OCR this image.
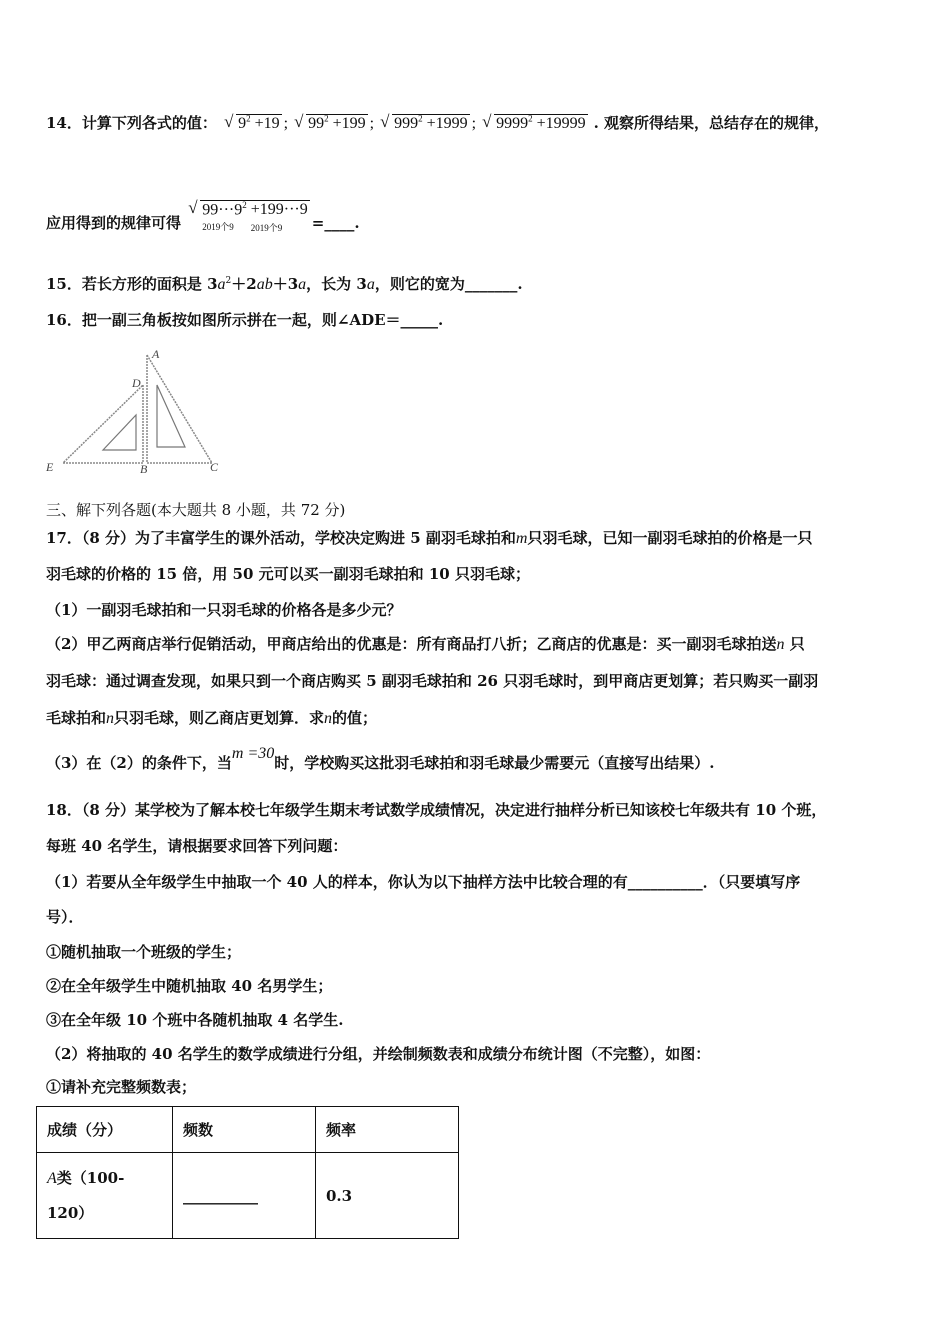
14．计算下列各式的值： √ $9^2 +19$ ; √ $99^2 +199$ ; √ $999^2 +1999$ ; √ $9999^2 +19999$ . 观察所得结果，总结存在的规律，
应用得到的规律可得 √ $99\cdot\cdot\cdot 9^2$
2019个9
+199···9
2019个9 =____.
15．若长方形的面积是 $3a^2+2ab+3a$，长为 3a，则它的宽为_______.
16．把一副三角板按如图所示拼在一起，则∠ADE＝_____.
A
D
E	B	C
三、解下列各题(本大题共 8 小题，共 72 分)
17．（8 分）为了丰富学生的课外活动，学校决定购进 5 副羽毛球拍和m只羽毛球，已知一副羽毛球拍的价格是一只
羽毛球的价格的 15 倍，用 50 元可以买一副羽毛球拍和 10 只羽毛球；
（1）一副羽毛球拍和一只羽毛球的价格各是多少元？
（2）甲乙两商店举行促销活动，甲商店给出的优惠是：所有商品打八折；乙商店的优惠是：买一副羽毛球拍送n 只
羽毛球：通过调查发现，如果只到一个商店购买 5 副羽毛球拍和 26 只羽毛球时，到甲商店更划算；若只购买一副羽
毛球拍和n只羽毛球，则乙商店更划算．求n的值；
（3）在（2）的条件下，当m =30时，学校购买这批羽毛球拍和羽毛球最少需要元（直接写出结果）.
18．（8 分）某学校为了解本校七年级学生期末考试数学成绩情况，决定进行抽样分析已知该校七年级共有 10 个班，
每班 40 名学生，请根据要求回答下列问题：
（1）若要从全年级学生中抽取一个 40 人的样本，你认为以下抽样方法中比较合理的有__________．（只要填写序
号）．
①随机抽取一个班级的学生；
②在全年级学生中随机抽取 40 名男学生；
③在全年级 10 个班中各随机抽取 4 名学生.
（2）将抽取的 40 名学生的数学成绩进行分组，并绘制频数表和成绩分布统计图（不完整），如图：
①请补充完整频数表；
成绩（分）	频数	频率
A类（100-
120）	__________	0.3
